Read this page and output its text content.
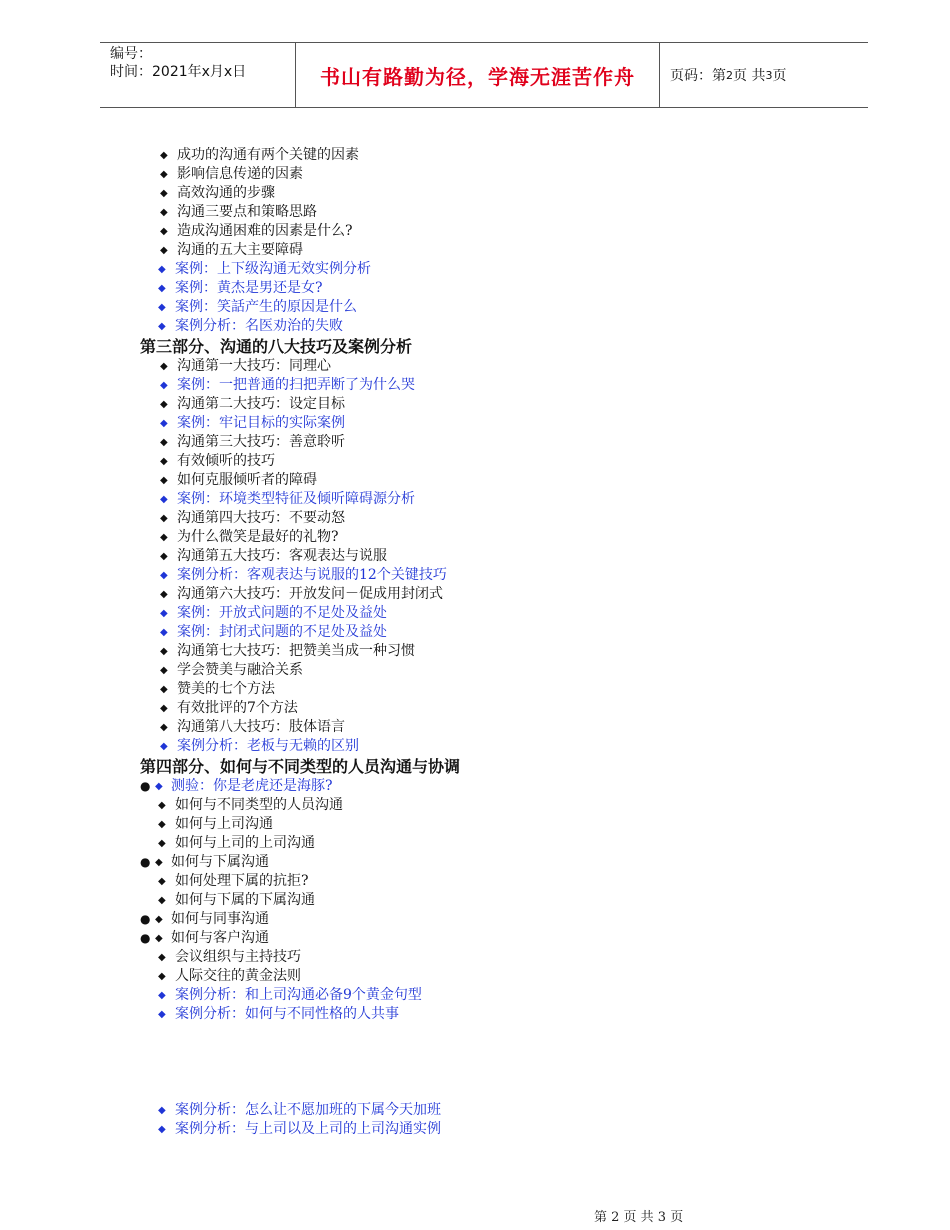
编号：
时间：2021年x月x日	书山有路勤为径，学海无涯苦作舟	页码：第 2 页 共 3 页
◆ 成功的沟通有两个关键的因素
◆ 影响信息传递的因素
◆ 高效沟通的步骤
◆ 沟通三要点和策略思路
◆ 造成沟通困难的因素是什么?
◆ 沟通的五大主要障碍
◆ 案例：上下级沟通无效实例分析
◆ 案例：黄杰是男还是女?
◆ 案例：笑話产生的原因是什么
◆ 案例分析：名医劝治的失败
第三部分、沟通的八大技巧及案例分析
◆ 沟通第一大技巧：同理心
◆ 案例：一把普通的扫把弄断了为什么哭
◆ 沟通第二大技巧：设定目标
◆ 案例：牢记目标的实际案例
◆ 沟通第三大技巧：善意聆听
◆ 有效倾听的技巧
◆ 如何克服倾听者的障碍
◆ 案例：环境类型特征及倾听障碍源分析
◆ 沟通第四大技巧：不要动怒
◆ 为什么微笑是最好的礼物?
◆ 沟通第五大技巧：客观表达与说服
◆ 案例分析：客观表达与说服的12个关键技巧
◆ 沟通第六大技巧：开放发问－促成用封闭式
◆ 案例：开放式问题的不足处及益处
◆ 案例：封闭式问题的不足处及益处
◆ 沟通第七大技巧：把赞美当成一种习惯
◆ 学会赞美与融洽关系
◆ 赞美的七个方法
◆ 有效批评的7个方法
◆ 沟通第八大技巧：肢体语言
◆ 案例分析：老板与无赖的区别
第四部分、如何与不同类型的人员沟通与协调
● ◆ 测验：你是老虎还是海豚?
◆ 如何与不同类型的人员沟通
◆ 如何与上司沟通
◆ 如何与上司的上司沟通
● ◆ 如何与下属沟通
◆ 如何处理下属的抗拒?
◆ 如何与下属的下属沟通
● ◆ 如何与同事沟通
● ◆ 如何与客户沟通
◆ 会议组织与主持技巧
◆ 人际交往的黄金法则
◆ 案例分析：和上司沟通必备9个黄金句型
◆ 案例分析：如何与不同性格的人共事
◆ 案例分析：怎么让不愿加班的下属今天加班
◆ 案例分析：与上司以及上司的上司沟通实例
第 2 页 共 3 页
